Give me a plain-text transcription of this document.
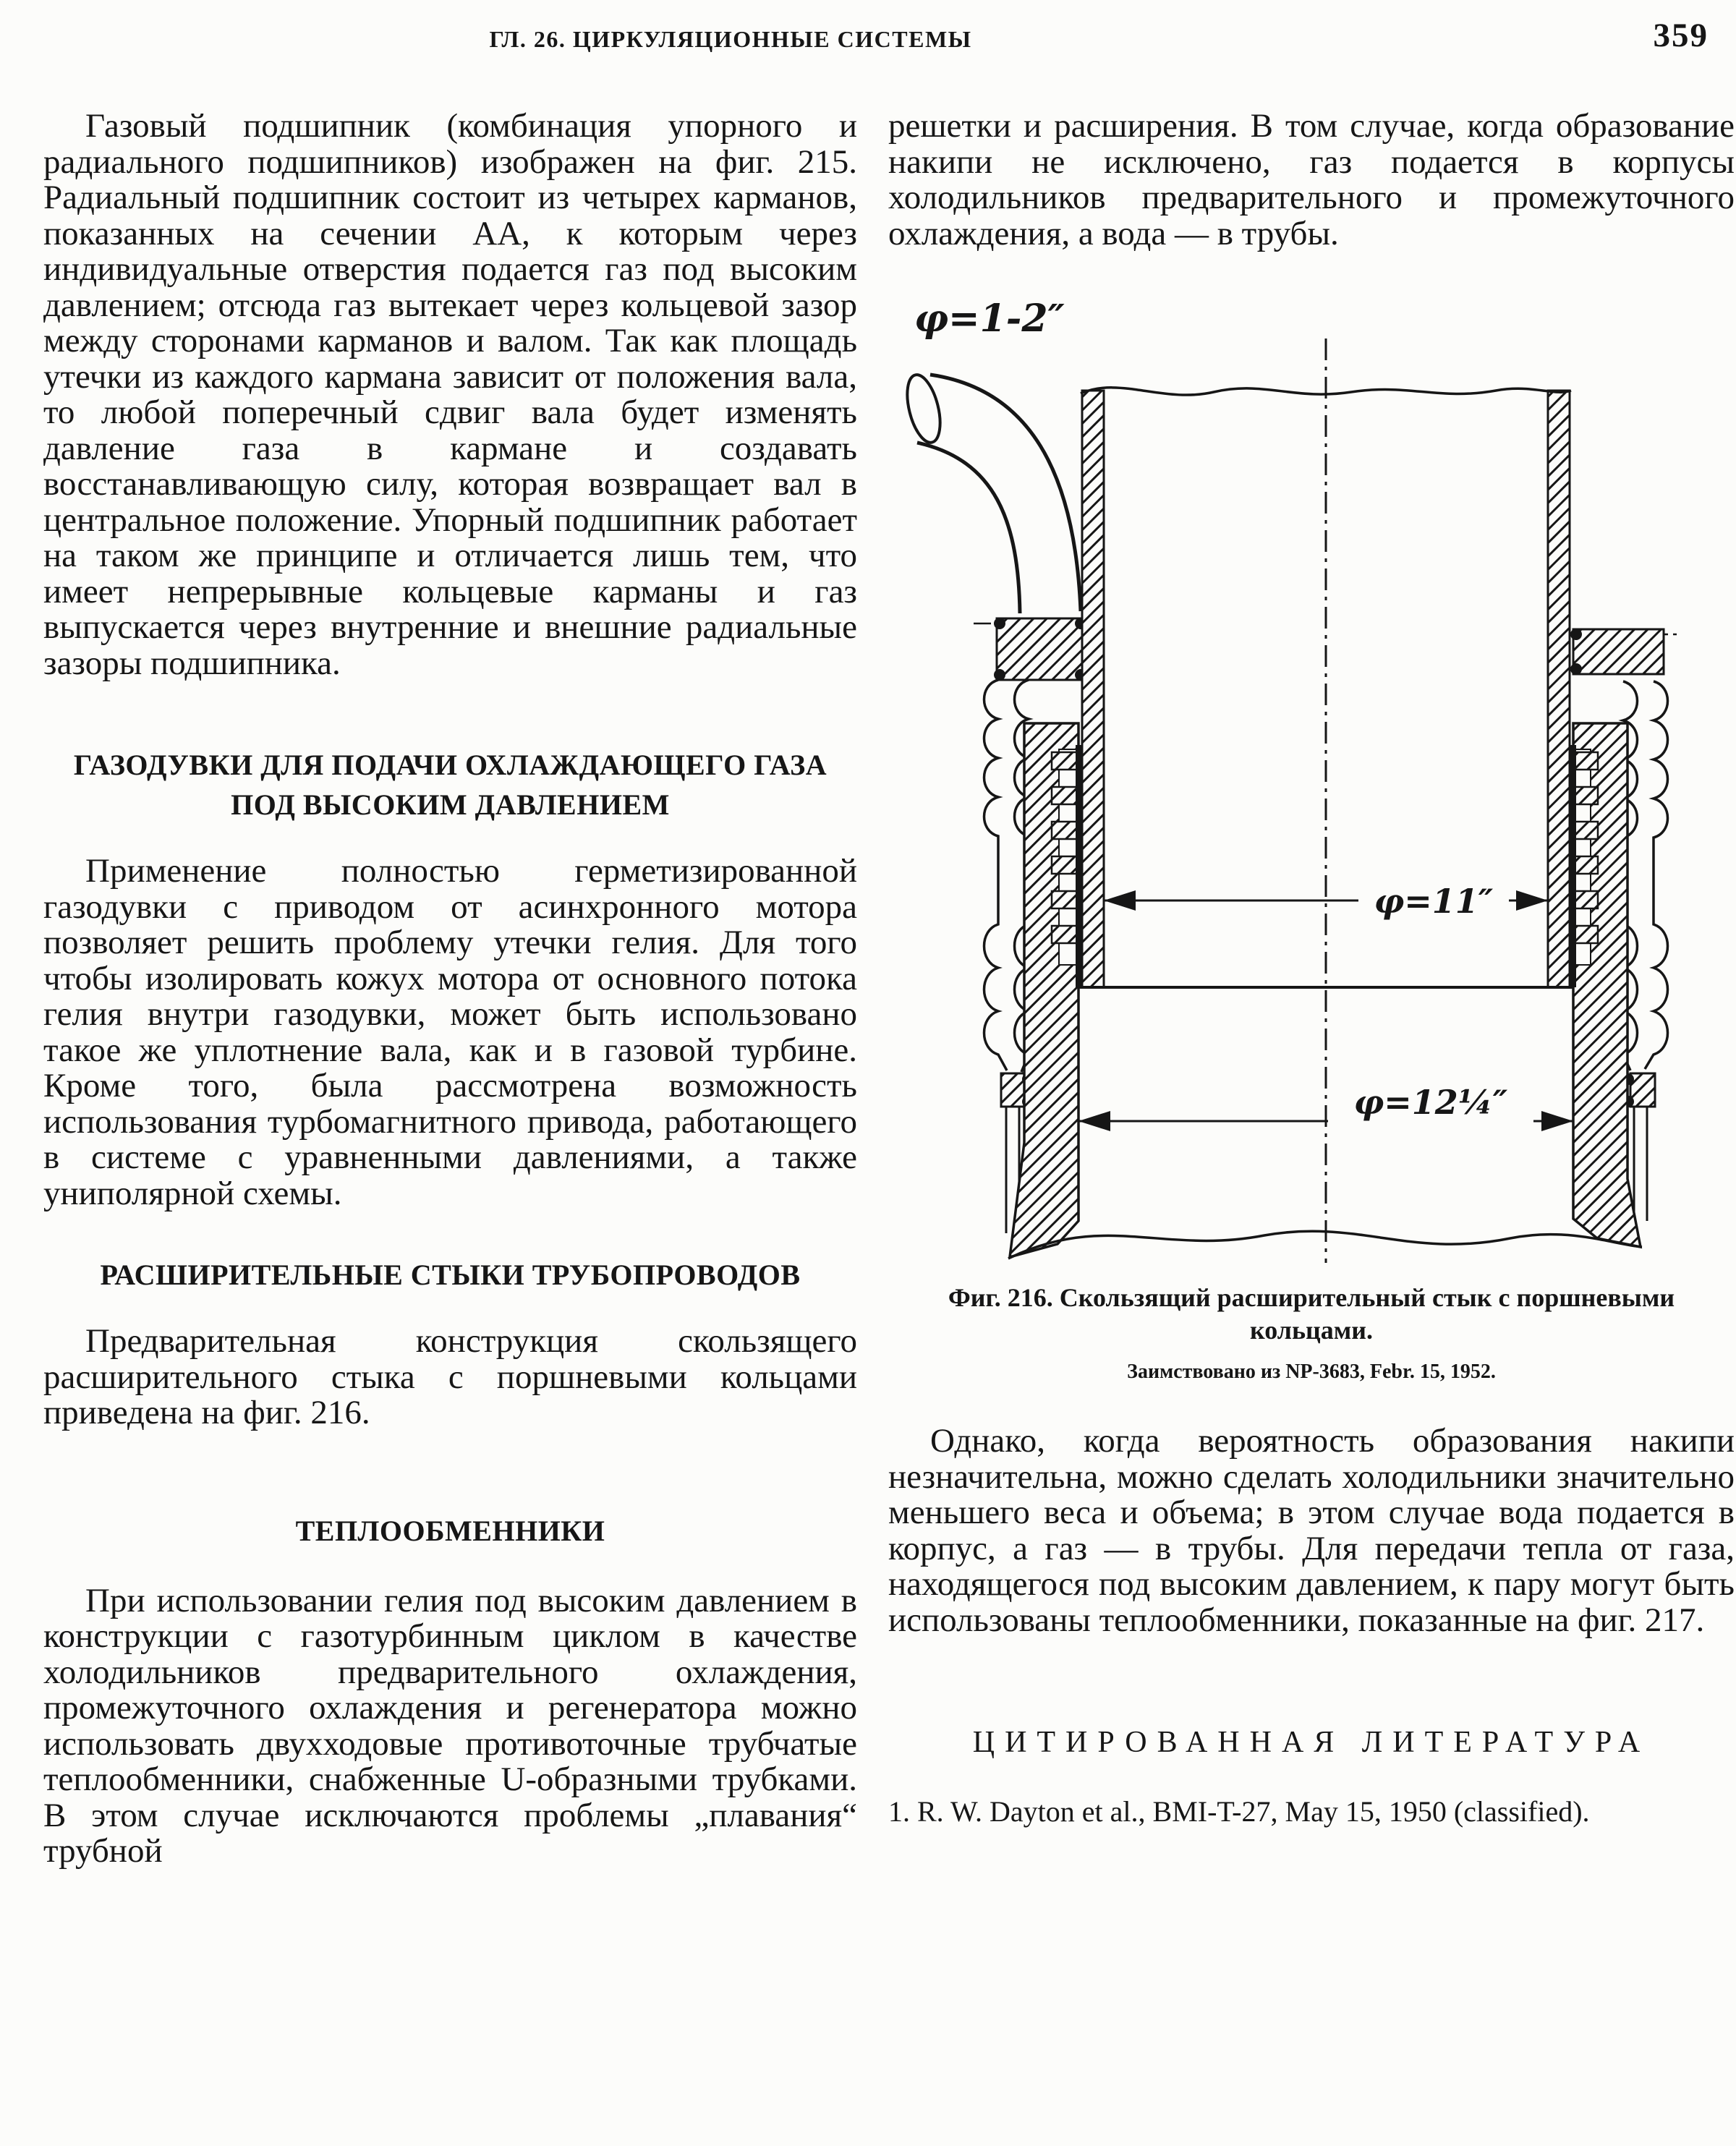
ГЛ. 26. ЦИРКУЛЯЦИОННЫЕ СИСТЕМЫ	359

Газовый подшипник (комбинация упорного и радиального подшипников) изображен на фиг. 215. Радиальный подшипник состоит из четырех карманов, показанных на сечении АА, к которым через индивидуальные отверстия подается газ под высоким давлением; отсюда газ вытекает через кольцевой зазор между сторонами карманов и валом. Так как площадь утечки из каждого кармана зависит от положения вала, то любой поперечный сдвиг вала будет изменять давление газа в кармане и создавать восстанавливающую силу, которая возвращает вал в центральное положение. Упорный подшипник работает на таком же принципе и отличается лишь тем, что имеет непрерывные кольцевые карманы и газ выпускается через внутренние и внешние радиальные зазоры подшипника.

ГАЗОДУВКИ ДЛЯ ПОДАЧИ ОХЛАЖДАЮЩЕГО ГАЗА ПОД ВЫСОКИМ ДАВЛЕНИЕМ

Применение полностью герметизированной газодувки с приводом от асинхронного мотора позволяет решить проблему утечки гелия. Для того чтобы изолировать кожух мотора от основного потока гелия внутри газодувки, может быть использовано такое же уплотнение вала, как и в газовой турбине. Кроме того, была рассмотрена возможность использования турбомагнитного привода, работающего в системе с уравненными давлениями, а также униполярной схемы.

РАСШИРИТЕЛЬНЫЕ СТЫКИ ТРУБОПРОВОДОВ

Предварительная конструкция скользящего расширительного стыка с поршневыми кольцами приведена на фиг. 216.

ТЕПЛООБМЕННИКИ

При использовании гелия под высоким давлением в конструкции с газотурбинным циклом в качестве холодильников предварительного охлаждения, промежуточного охлаждения и регенератора можно использовать двухходовые противоточные трубчатые теплообменники, снабженные U-образными трубками. В этом случае исключаются проблемы „плавания“ трубной

решетки и расширения. В том случае, когда образование накипи не исключено, газ подается в корпусы холодильников предварительного и промежуточного охлаждения, а вода — в трубы.

φ=11″
φ=12¼″
φ=1-2″

Фиг. 216. Скользящий расширительный стык с поршневыми кольцами.

Заимствовано из NP-3683, Febr. 15, 1952.

Однако, когда вероятность образования накипи незначительна, можно сделать холодильники значительно меньшего веса и объема; в этом случае вода подается в корпус, а газ — в трубы. Для передачи тепла от газа, находящегося под высоким давлением, к пару могут быть использованы теплообменники, показанные на фиг. 217.

ЦИТИРОВАННАЯ ЛИТЕРАТУРА

1. R. W. Dayton et al., BMI-T-27, May 15, 1950 (classified).
